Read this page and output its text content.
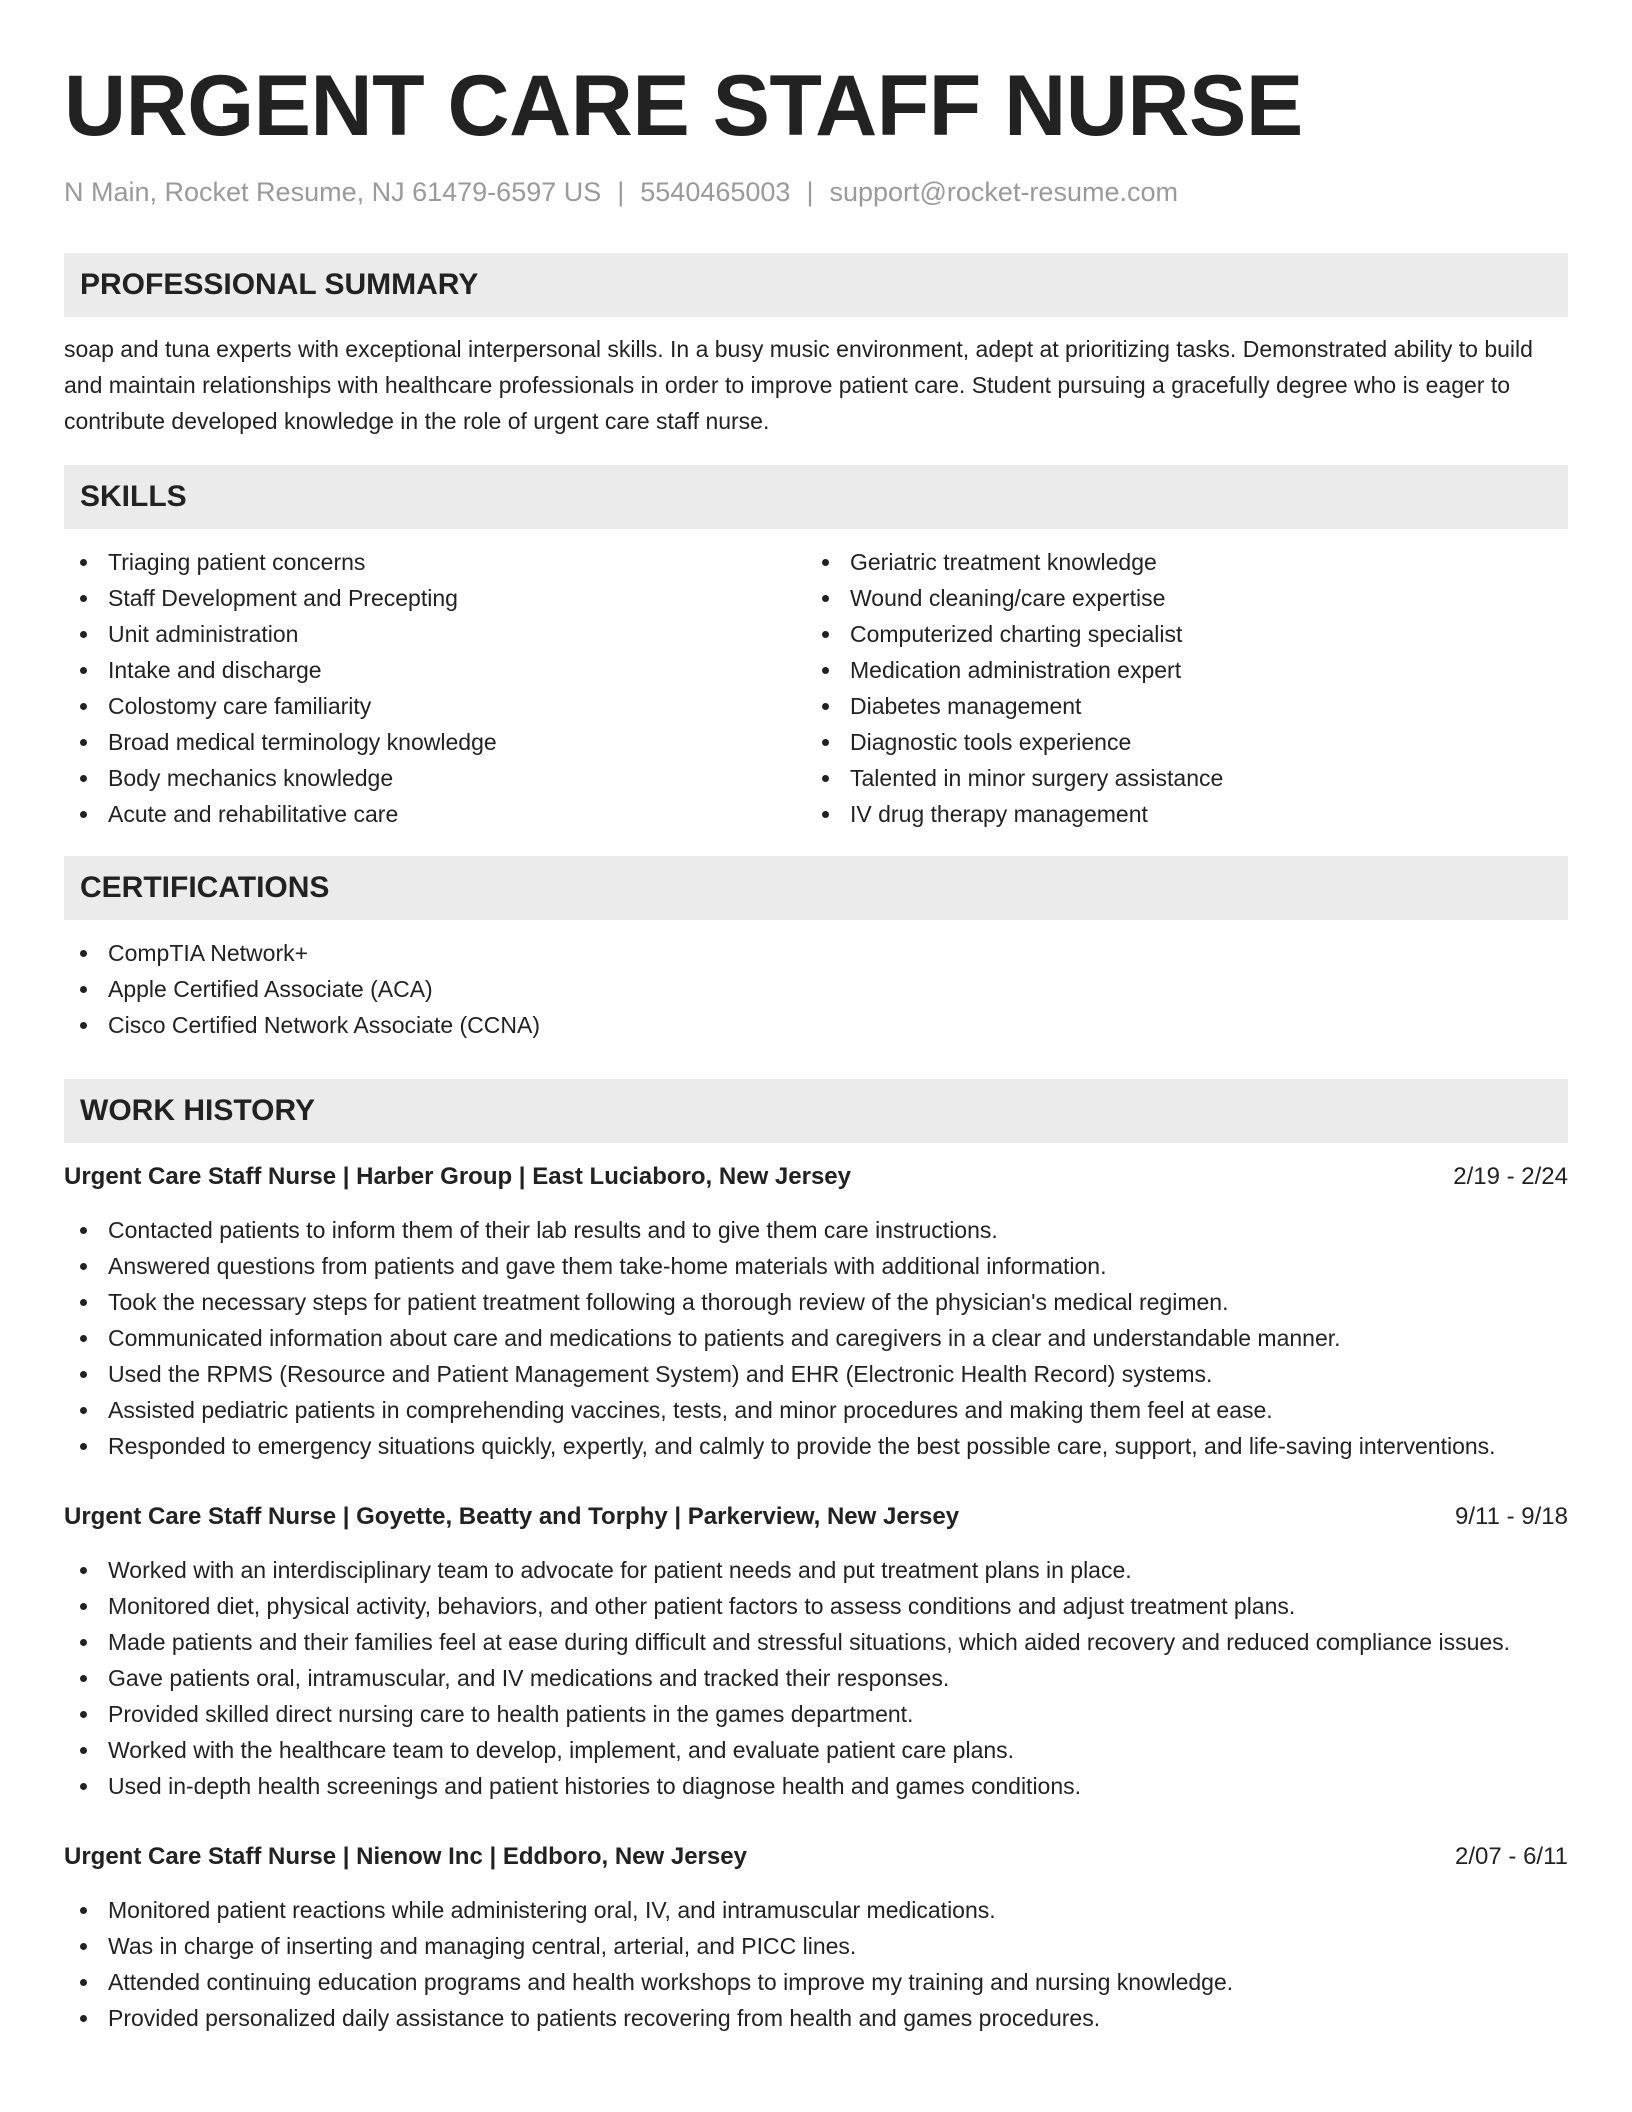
URGENT CARE STAFF NURSE
N Main, Rocket Resume, NJ 61479-6597 US | 5540465003 | support@rocket-resume.com
PROFESSIONAL SUMMARY

soap and tuna experts with exceptional interpersonal skills. In a busy music environment, adept at prioritizing tasks. Demonstrated ability to build and maintain relationships with healthcare professionals in order to improve patient care. Student pursuing a gracefully degree who is eager to contribute developed knowledge in the role of urgent care staff nurse.

SKILLS
Triaging patient concerns
Staff Development and Precepting
Unit administration
Intake and discharge
Colostomy care familiarity
Broad medical terminology knowledge
Body mechanics knowledge
Acute and rehabilitative care
Geriatric treatment knowledge
Wound cleaning/care expertise
Computerized charting specialist
Medication administration expert
Diabetes management
Diagnostic tools experience
Talented in minor surgery assistance
IV drug therapy management
CERTIFICATIONS
CompTIA Network+
Apple Certified Associate (ACA)
Cisco Certified Network Associate (CCNA)
WORK HISTORY
Urgent Care Staff Nurse | Harber Group | East Luciaboro, New Jersey	2/19 - 2/24
Contacted patients to inform them of their lab results and to give them care instructions.
Answered questions from patients and gave them take-home materials with additional information.
Took the necessary steps for patient treatment following a thorough review of the physician's medical regimen.
Communicated information about care and medications to patients and caregivers in a clear and understandable manner.
Used the RPMS (Resource and Patient Management System) and EHR (Electronic Health Record) systems.
Assisted pediatric patients in comprehending vaccines, tests, and minor procedures and making them feel at ease.
Responded to emergency situations quickly, expertly, and calmly to provide the best possible care, support, and life-saving interventions.
Urgent Care Staff Nurse | Goyette, Beatty and Torphy | Parkerview, New Jersey	9/11 - 9/18
Worked with an interdisciplinary team to advocate for patient needs and put treatment plans in place.
Monitored diet, physical activity, behaviors, and other patient factors to assess conditions and adjust treatment plans.
Made patients and their families feel at ease during difficult and stressful situations, which aided recovery and reduced compliance issues.
Gave patients oral, intramuscular, and IV medications and tracked their responses.
Provided skilled direct nursing care to health patients in the games department.
Worked with the healthcare team to develop, implement, and evaluate patient care plans.
Used in-depth health screenings and patient histories to diagnose health and games conditions.
Urgent Care Staff Nurse | Nienow Inc | Eddboro, New Jersey	2/07 - 6/11
Monitored patient reactions while administering oral, IV, and intramuscular medications.
Was in charge of inserting and managing central, arterial, and PICC lines.
Attended continuing education programs and health workshops to improve my training and nursing knowledge.
Provided personalized daily assistance to patients recovering from health and games procedures.
